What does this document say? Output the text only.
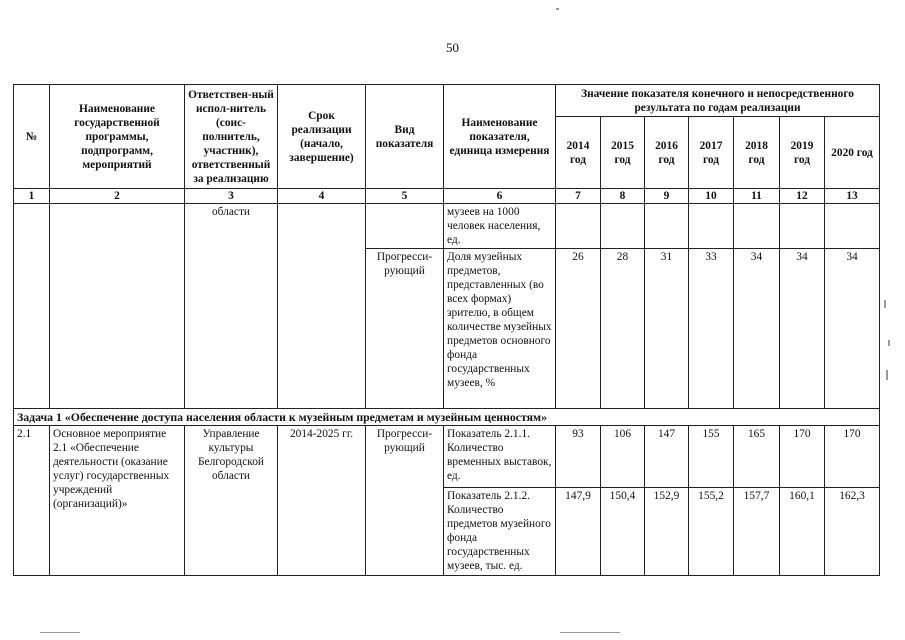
50
№	Наименование государственной программы, подпрограмм, мероприятий	Ответствен-ный испол-нитель (соис-полнитель, участник), ответственный за реализацию	Срок реализации (начало, завершение)	Вид показателя	Наименование показателя, единица измерения	Значение показателя конечного и непосредственного результата по годам реализации						
						2014 год	2015 год	2016 год	2017 год	2018 год	2019 год	2020 год
1	2	3	4	5	6	7	8	9	10	11	12	13
		области			музеев на 1000 человек населения, ед.							
				Прогресси-рующий	Доля музейных предметов, представленных (во всех формах) зрителю, в общем количестве музейных предметов основного фонда государственных музеев, %	26	28	31	33	34	34	34
Задача 1 «Обеспечение доступа населения области к музейным предметам и музейным ценностям»												
2.1	Основное мероприятие 2.1 «Обеспечение деятельности (оказание услуг) государственных учреждений (организаций)»	Управление культуры Белгородской области	2014-2025 гг.	Прогресси-рующий	Показатель 2.1.1. Количество временных выставок, ед.	93	106	147	155	165	170	170
					Показатель 2.1.2. Количество предметов музейного фонда государственных музеев, тыс. ед.	147,9	150,4	152,9	155,2	157,7	160,1	162,3
